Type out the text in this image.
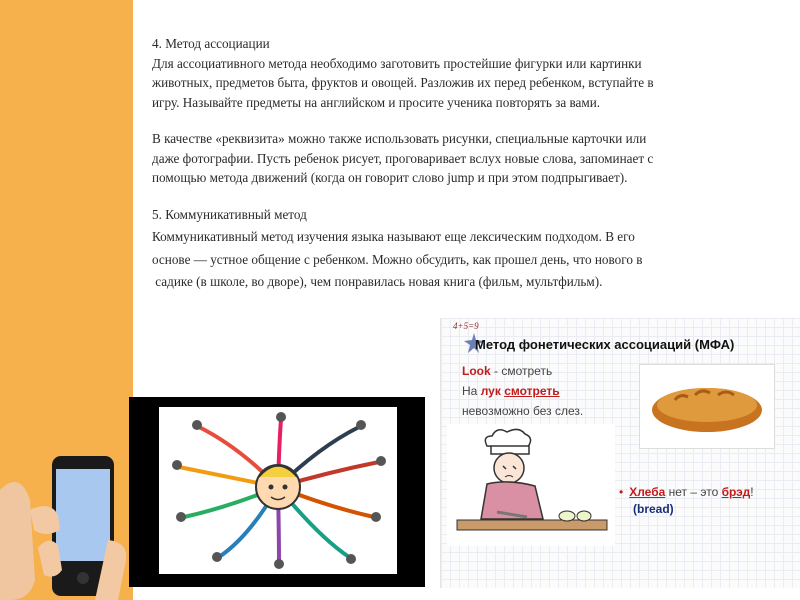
4. Метод ассоциации

Для ассоциативного метода необходимо заготовить простейшие фигурки или картинки

животных, предметов быта, фруктов и овощей. Разложив их перед ребенком, вступайте в

игру. Называйте предметы на английском и просите ученика повторять за вами.

В качестве «реквизита» можно также использовать рисунки, специальные карточки или

даже фотографии. Пусть ребенок рисует, проговаривает вслух новые слова, запоминает с

помощью метода движений (когда он говорит слово jump и при этом подпрыгивает).

5. Коммуникативный метод

Коммуникативный метод изучения языка называют еще лексическим подходом. В его

основе — устное общение с ребенком. Можно обсудить, как прошел день, что нового в

садике (в школе, во дворе), чем понравилась новая книга (фильм, мультфильм).

4+5=9
Метод фонетических ассоциаций (МФА)
Look - смотреть
На лук смотреть
невозможно без слез.
• Хлеба нет – это брэд!
(bread)
